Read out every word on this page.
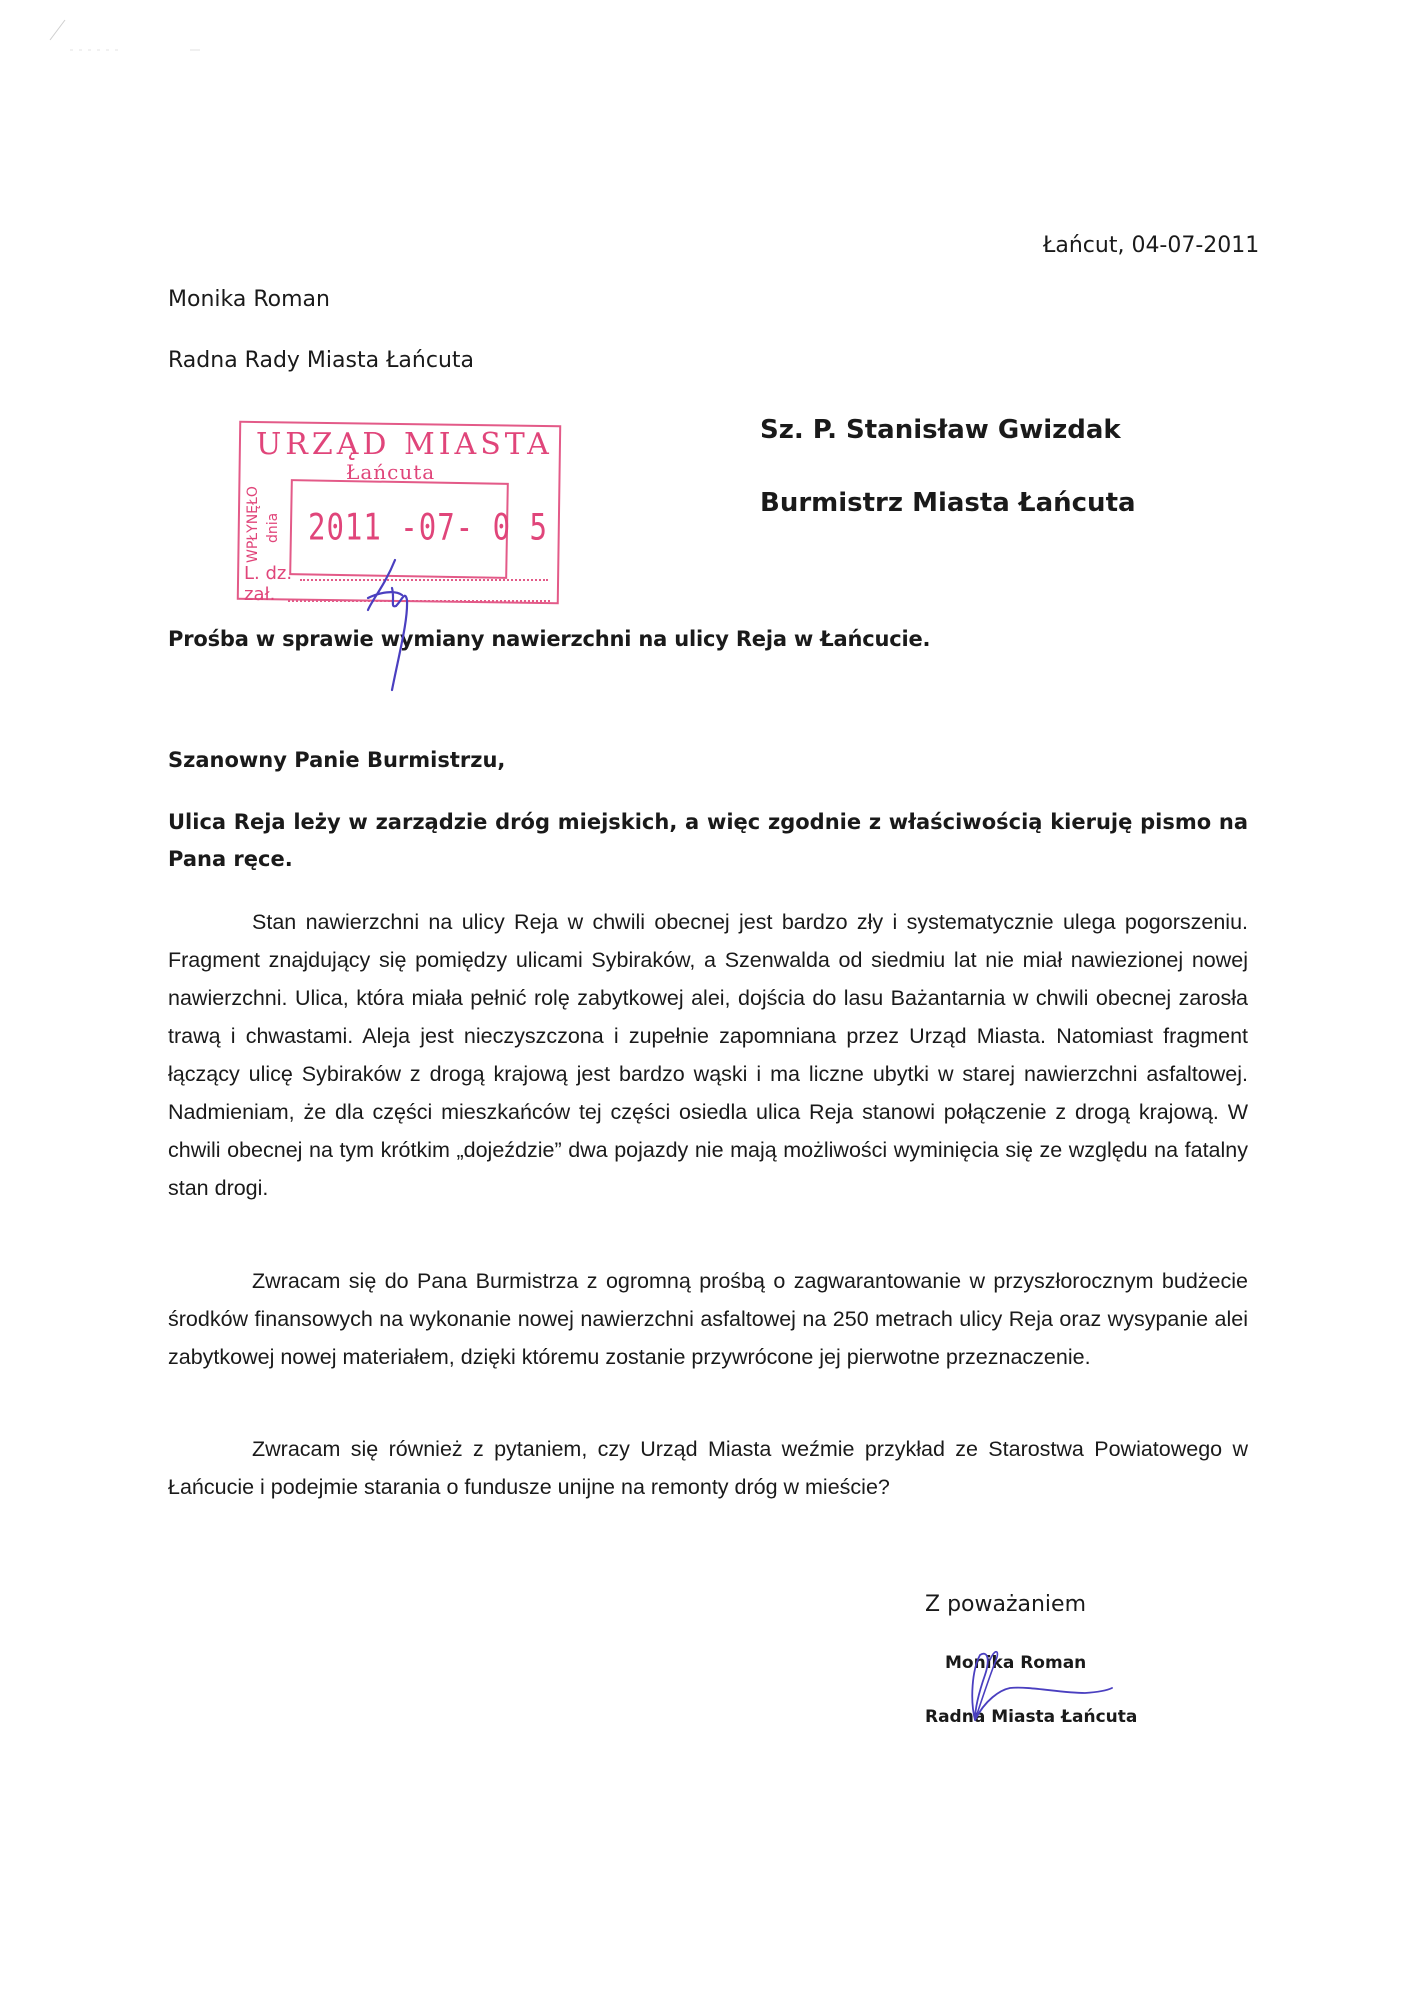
Łańcut, 04-07-2011
Monika Roman
Radna Rady Miasta Łańcuta
URZĄD MIASTA
Łańcuta
WPŁYNĘŁO dnia 2011 -07- 0 5
L. dz.
zał.
Sz. P. Stanisław Gwizdak
Burmistrz Miasta Łańcuta
Prośba w sprawie wymiany nawierzchni na ulicy Reja w Łańcucie.
Szanowny Panie Burmistrzu,
Ulica Reja leży w zarządzie dróg miejskich, a więc zgodnie z właściwością kieruję pismo na Pana ręce.
Stan nawierzchni na ulicy Reja w chwili obecnej jest bardzo zły i systematycznie ulega pogorszeniu. Fragment znajdujący się pomiędzy ulicami Sybiraków, a Szenwalda od siedmiu lat nie miał nawiezionej nowej nawierzchni. Ulica, która miała pełnić rolę zabytkowej alei, dojścia do lasu Bażantarnia w chwili obecnej zarosła trawą i chwastami. Aleja jest nieczyszczona i zupełnie zapomniana przez Urząd Miasta. Natomiast fragment łączący ulicę Sybiraków z drogą krajową jest bardzo wąski i ma liczne ubytki w starej nawierzchni asfaltowej. Nadmieniam, że dla części mieszkańców tej części osiedla ulica Reja stanowi połączenie z drogą krajową. W chwili obecnej na tym krótkim „dojeździe” dwa pojazdy nie mają możliwości wyminięcia się ze względu na fatalny stan drogi.
Zwracam się do Pana Burmistrza z ogromną prośbą o zagwarantowanie w przyszłorocznym budżecie środków finansowych na wykonanie nowej nawierzchni asfaltowej na 250 metrach ulicy Reja oraz wysypanie alei zabytkowej nowej materiałem, dzięki któremu zostanie przywrócone jej pierwotne przeznaczenie.
Zwracam się również z pytaniem, czy Urząd Miasta weźmie przykład ze Starostwa Powiatowego w Łańcucie i podejmie starania o fundusze unijne na remonty dróg w mieście?
Z poważaniem
Monika Roman
Radna Miasta Łańcuta
